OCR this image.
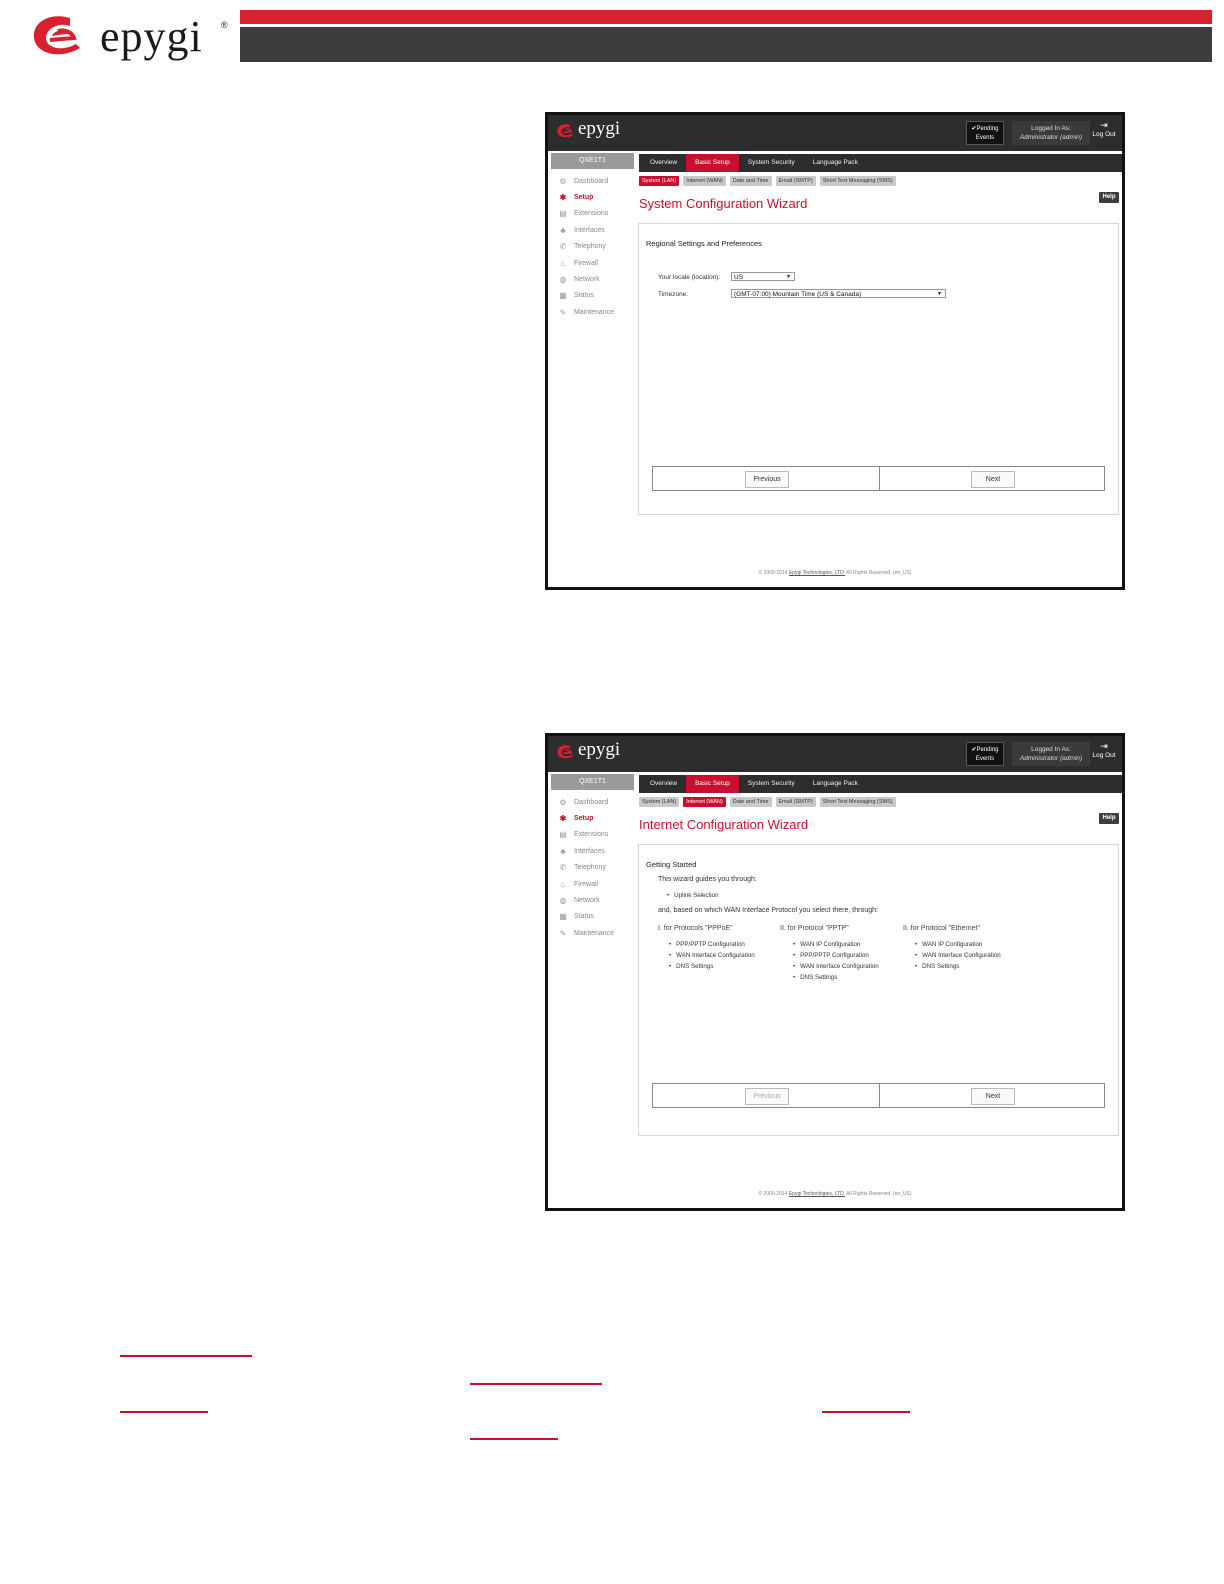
epygi ®
epygi	✔Pending
Events
Logged In As:
Administrator (admin)
⇥
Log Out
QXE1T1
⚙ Dashboard
✱ Setup
▤ Extensions
♣	Interfaces
✆ Telephony
♨ Firewall
◍ Network
▦ Status
✎ Maintenance
Overview	Basic Setup	System Security	Language Pack
System (LAN)	Internet (WAN)	Date and Time	Email (SMTP)	Short Text Messaging (SMS)
Help
System Configuration Wizard
Regional Settings and Preferences
Your locale (location):	US	▼
Timezone:	(GMT-07:00) Mountain Time (US & Canada)	▼
Previous	Next
© 2000-2014 Epygi Technologies, LTD. All Rights Reserved. (en_US)
epygi	✔Pending
Events
Logged In As:
Administrator (admin)
⇥
Log Out
QXE1T1
⚙ Dashboard
✱ Setup
▤ Extensions
♣	Interfaces
✆ Telephony
♨ Firewall
◍ Network
▦ Status
✎ Maintenance
Overview	Basic Setup	System Security	Language Pack
System (LAN)	Internet (WAN)	Date and Time	Email (SMTP)	Short Text Messaging (SMS)
Help
Internet Configuration Wizard
Getting Started
This wizard guides you through:
• Uplink Selection
and, based on which WAN Interface Protocol you select there, through:
I. for Protocols "PPPoE"
• PPP/PPTP Configuration
• WAN Interface Configuration
• DNS Settings
II. for Protocol "PPTP"
• WAN IP Configuration
• PPP/PPTP Configuration
• WAN Interface Configuration
• DNS Settings
II. for Protocol "Ethernet"
• WAN IP Configuration
• WAN Interface Configuration
• DNS Settings
Previous	Next
© 2000-2014 Epygi Technologies, LTD. All Rights Reserved. (en_US)
